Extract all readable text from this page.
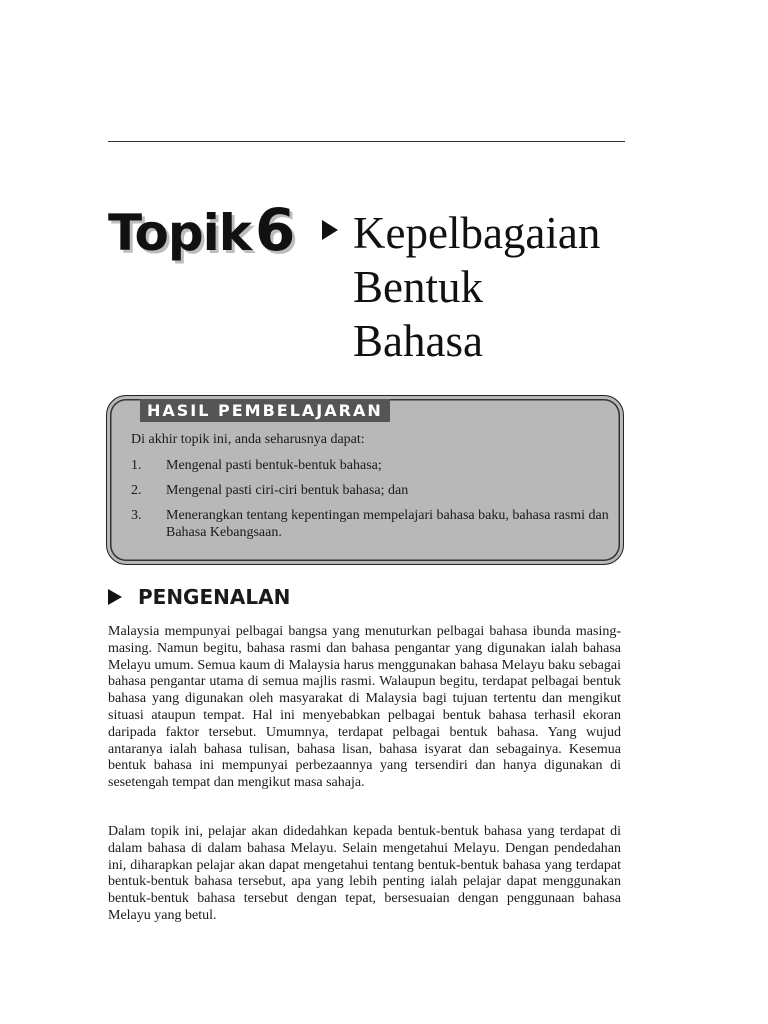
Topik6 Kepelbagaian
Bentuk
Bahasa
HASIL PEMBELAJARAN
Di akhir topik ini, anda seharusnya dapat:
1. Mengenal pasti bentuk-bentuk bahasa;
2. Mengenal pasti ciri-ciri bentuk bahasa; dan
3. Menerangkan tentang kepentingan mempelajari bahasa baku, bahasa rasmi dan Bahasa Kebangsaan.
PENGENALAN

Malaysia mempunyai pelbagai bangsa yang menuturkan pelbagai bahasa ibunda masing-masing. Namun begitu, bahasa rasmi dan bahasa pengantar yang digunakan ialah bahasa Melayu umum. Semua kaum di Malaysia harus menggunakan bahasa Melayu baku sebagai bahasa pengantar utama di semua majlis rasmi. Walaupun begitu, terdapat pelbagai bentuk bahasa yang digunakan oleh masyarakat di Malaysia bagi tujuan tertentu dan mengikut situasi ataupun tempat. Hal ini menyebabkan pelbagai bentuk bahasa terhasil ekoran daripada faktor tersebut. Umumnya, terdapat pelbagai bentuk bahasa. Yang wujud antaranya ialah bahasa tulisan, bahasa lisan, bahasa isyarat dan sebagainya. Kesemua bentuk bahasa ini mempunyai perbezaannya yang tersendiri dan hanya digunakan di sesetengah tempat dan mengikut masa sahaja.

Dalam topik ini, pelajar akan didedahkan kepada bentuk-bentuk bahasa yang terdapat di dalam bahasa di dalam bahasa Melayu. Selain mengetahui Melayu. Dengan pendedahan ini, diharapkan pelajar akan dapat mengetahui tentang bentuk-bentuk bahasa yang terdapat bentuk-bentuk bahasa tersebut, apa yang lebih penting ialah pelajar dapat menggunakan bentuk-bentuk bahasa tersebut dengan tepat, bersesuaian dengan penggunaan bahasa Melayu yang betul.
